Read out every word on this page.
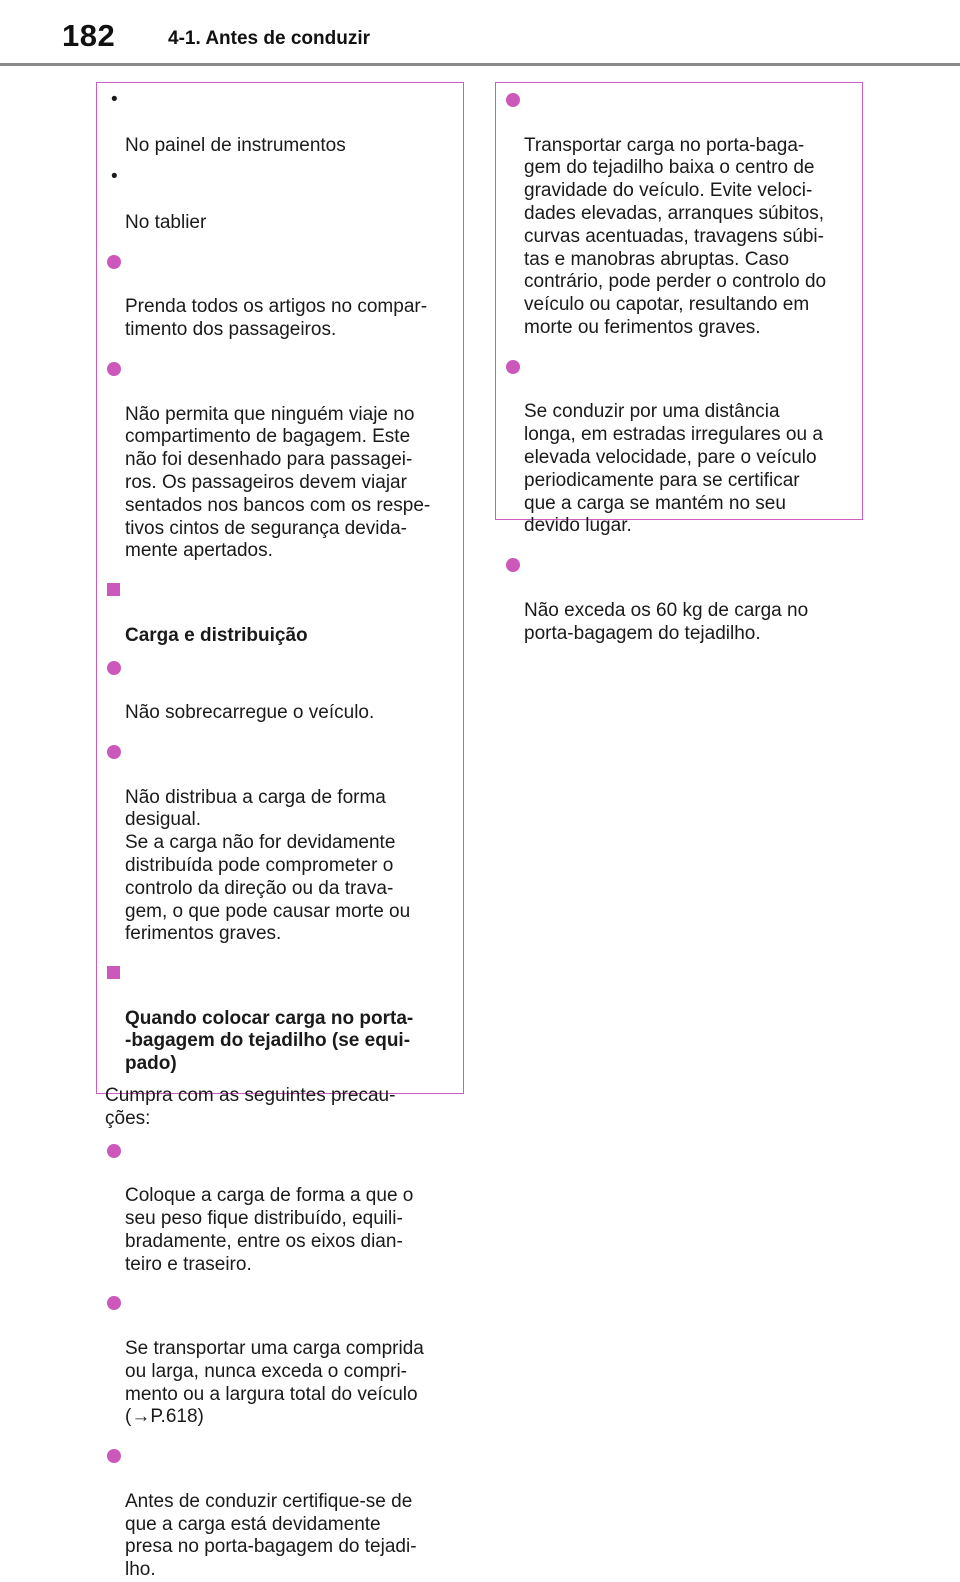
182	4-1. Antes de conduzir

•

No painel de instrumentos

•

No tablier

Prenda todos os artigos no compar-
timento dos passageiros.

Não permita que ninguém viaje no
compartimento de bagagem. Este
não foi desenhado para passagei-
ros. Os passageiros devem viajar
sentados nos bancos com os respe-
tivos cintos de segurança devida-
mente apertados.

Carga e distribuição

Não sobrecarregue o veículo.

Não distribua a carga de forma
desigual.
Se a carga não for devidamente
distribuída pode comprometer o
controlo da direção ou da trava-
gem, o que pode causar morte ou
ferimentos graves.

Quando colocar carga no porta-
-bagagem do tejadilho (se equi-
pado)

Cumpra com as seguintes precau-
ções:

Coloque a carga de forma a que o
seu peso fique distribuído, equili-
bradamente, entre os eixos dian-
teiro e traseiro.

Se transportar uma carga comprida
ou larga, nunca exceda o compri-
mento ou a largura total do veículo
(→P.618)

Antes de conduzir certifique-se de
que a carga está devidamente
presa no porta-bagagem do tejadi-
lho.

Transportar carga no porta-baga-
gem do tejadilho baixa o centro de
gravidade do veículo. Evite veloci-
dades elevadas, arranques súbitos,
curvas acentuadas, travagens súbi-
tas e manobras abruptas. Caso
contrário, pode perder o controlo do
veículo ou capotar, resultando em
morte ou ferimentos graves.

Se conduzir por uma distância
longa, em estradas irregulares ou a
elevada velocidade, pare o veículo
periodicamente para se certificar
que a carga se mantém no seu
devido lugar.

Não exceda os 60 kg de carga no
porta-bagagem do tejadilho.
